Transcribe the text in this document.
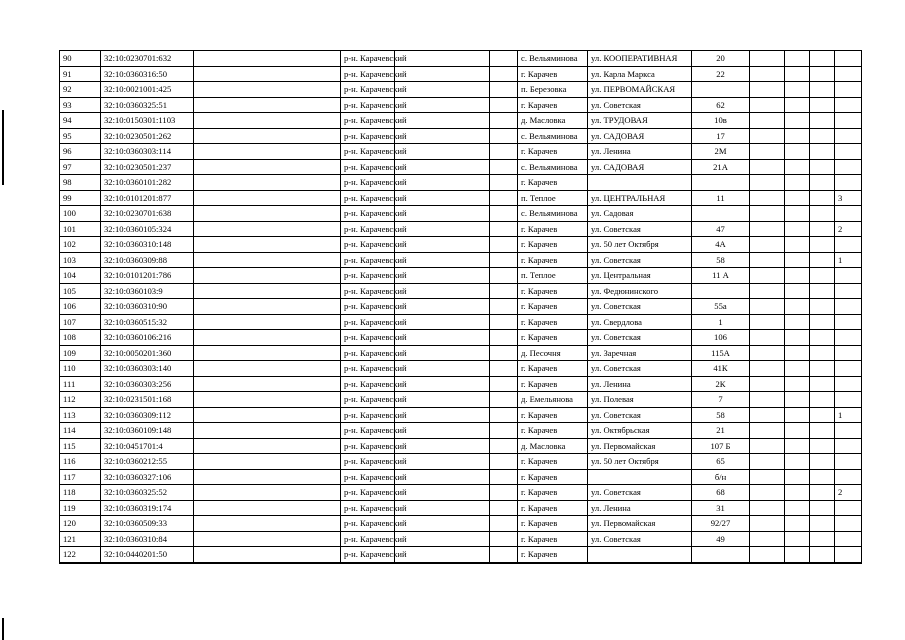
90	32:10:0230701:632		р-н. Карачевский			с. Вельяминова	ул. КООПЕРАТИВНАЯ	20				
91	32:10:0360316:50		р-н. Карачевский			г. Карачев	ул. Карла Маркса	22				
92	32:10:0021001:425		р-н. Карачевский			п. Березовка	ул. ПЕРВОМАЙСКАЯ					
93	32:10:0360325:51		р-н. Карачевский			г. Карачев	ул. Советская	62				
94	32:10:0150301:1103		р-н. Карачевский			д. Масловка	ул. ТРУДОВАЯ	10в				
95	32:10:0230501:262		р-н. Карачевский			с. Вельяминова	ул. САДОВАЯ	17				
96	32:10:0360303:114		р-н. Карачевский			г. Карачев	ул. Ленина	2М				
97	32:10:0230501:237		р-н. Карачевский			с. Вельяминова	ул. САДОВАЯ	21А				
98	32:10:0360101:282		р-н. Карачевский			г. Карачев						
99	32:10:0101201:877		р-н. Карачевский			п. Теплое	ул. ЦЕНТРАЛЬНАЯ	11				3
100	32:10:0230701:638		р-н. Карачевский			с. Вельяминова	ул. Садовая					
101	32:10:0360105:324		р-н. Карачевский			г. Карачев	ул. Советская	47				2
102	32:10:0360310:148		р-н. Карачевский			г. Карачев	ул. 50 лет Октября	4А				
103	32:10:0360309:88		р-н. Карачевский			г. Карачев	ул. Советская	58				1
104	32:10:0101201:786		р-н. Карачевский			п. Теплое	ул. Центральная	11 А				
105	32:10:0360103:9		р-н. Карачевский			г. Карачев	ул. Федюнинского					
106	32:10:0360310:90		р-н. Карачевский			г. Карачев	ул. Советская	55а				
107	32:10:0360515:32		р-н. Карачевский			г. Карачев	ул. Свердлова	1				
108	32:10:0360106:216		р-н. Карачевский			г. Карачев	ул. Советская	106				
109	32:10:0050201:360		р-н. Карачевский			д. Песочня	ул. Заречная	115А				
110	32:10:0360303:140		р-н. Карачевский			г. Карачев	ул. Советская	41К				
111	32:10:0360303:256		р-н. Карачевский			г. Карачев	ул. Ленина	2К				
112	32:10:0231501:168		р-н. Карачевский			д. Емельянова	ул. Полевая	7				
113	32:10:0360309:112		р-н. Карачевский			г. Карачев	ул. Советская	58				1
114	32:10:0360109:148		р-н. Карачевский			г. Карачев	ул. Октябрьская	21				
115	32:10:0451701:4		р-н. Карачевский			д. Масловка	ул. Первомайская	107 Б				
116	32:10:0360212:55		р-н. Карачевский			г. Карачев	ул. 50 лет Октября	65				
117	32:10:0360327:106		р-н. Карачевский			г. Карачев		б/н				
118	32:10:0360325:52		р-н. Карачевский			г. Карачев	ул. Советская	68				2
119	32:10:0360319:174		р-н. Карачевский			г. Карачев	ул. Ленина	31				
120	32:10:0360509:33		р-н. Карачевский			г. Карачев	ул. Первомайская	92/27				
121	32:10:0360310:84		р-н. Карачевский			г. Карачев	ул. Советская	49				
122	32:10:0440201:50		р-н. Карачевский			г. Карачев						
